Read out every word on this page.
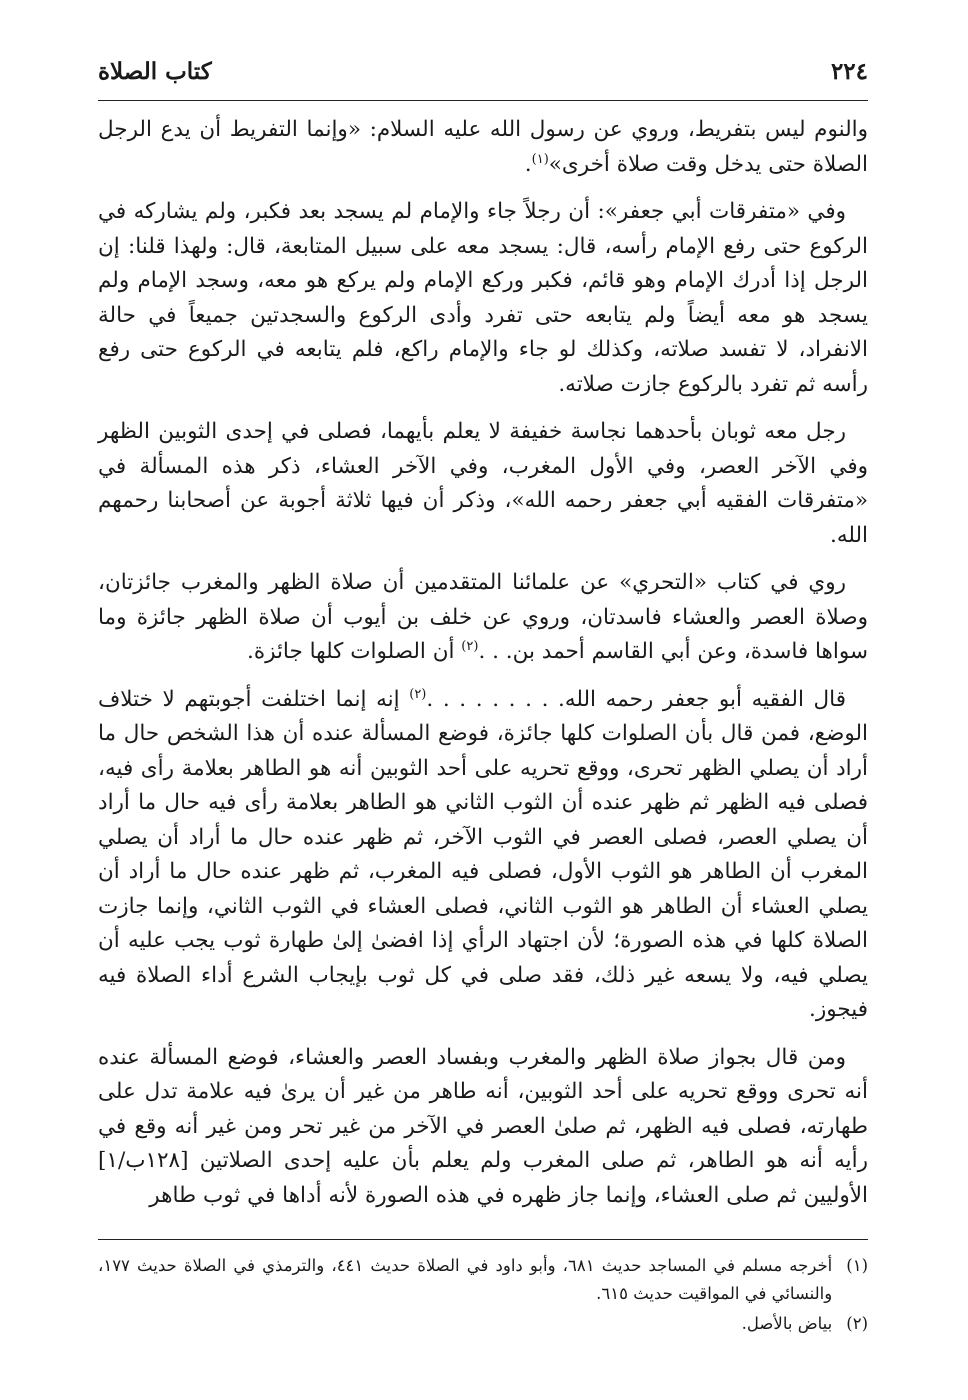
٢٢٤
كتاب الصلاة

والنوم ليس بتفريط، وروي عن رسول الله عليه السلام: «وإنما التفريط أن يدع الرجل الصلاة حتى يدخل وقت صلاة أخرى»$^{(١)}$.

وفي «متفرقات أبي جعفر»: أن رجلاً جاء والإمام لم يسجد بعد فكبر، ولم يشاركه في الركوع حتى رفع الإمام رأسه، قال: يسجد معه على سبيل المتابعة، قال: ولهذا قلنا: إن الرجل إذا أدرك الإمام وهو قائم، فكبر وركع الإمام ولم يركع هو معه، وسجد الإمام ولم يسجد هو معه أيضاً ولم يتابعه حتى تفرد وأدى الركوع والسجدتين جميعاً في حالة الانفراد، لا تفسد صلاته، وكذلك لو جاء والإمام راكع، فلم يتابعه في الركوع حتى رفع رأسه ثم تفرد بالركوع جازت صلاته.

رجل معه ثوبان بأحدهما نجاسة خفيفة لا يعلم بأيهما، فصلى في إحدى الثوبين الظهر وفي الآخر العصر، وفي الأول المغرب، وفي الآخر العشاء، ذكر هذه المسألة في «متفرقات الفقيه أبي جعفر رحمه الله»، وذكر أن فيها ثلاثة أجوبة عن أصحابنا رحمهم الله.

روي في كتاب «التحري» عن علمائنا المتقدمين أن صلاة الظهر والمغرب جائزتان، وصلاة العصر والعشاء فاسدتان، وروي عن خلف بن أيوب أن صلاة الظهر جائزة وما سواها فاسدة، وعن أبي القاسم أحمد بن. . .$^{(٢)}$ أن الصلوات كلها جائزة.

قال الفقيه أبو جعفر رحمه الله. . . . . . . . .$^{(٢)}$ إنه إنما اختلفت أجوبتهم لا ختلاف الوضع، فمن قال بأن الصلوات كلها جائزة، فوضع المسألة عنده أن هذا الشخص حال ما أراد أن يصلي الظهر تحرى، ووقع تحريه على أحد الثوبين أنه هو الطاهر بعلامة رأى فيه، فصلى فيه الظهر ثم ظهر عنده أن الثوب الثاني هو الطاهر بعلامة رأى فيه حال ما أراد أن يصلي العصر، فصلى العصر في الثوب الآخر، ثم ظهر عنده حال ما أراد أن يصلي المغرب أن الطاهر هو الثوب الأول، فصلى فيه المغرب، ثم ظهر عنده حال ما أراد أن يصلي العشاء أن الطاهر هو الثوب الثاني، فصلى العشاء في الثوب الثاني، وإنما جازت الصلاة كلها في هذه الصورة؛ لأن اجتهاد الرأي إذا افضىٰ إلىٰ طهارة ثوب يجب عليه أن يصلي فيه، ولا يسعه غير ذلك، فقد صلى في كل ثوب بإيجاب الشرع أداء الصلاة فيه فيجوز.

ومن قال بجواز صلاة الظهر والمغرب وبفساد العصر والعشاء، فوضع المسألة عنده أنه تحرى ووقع تحريه على أحد الثوبين، أنه طاهر من غير أن يرىٰ فيه علامة تدل على طهارته، فصلى فيه الظهر، ثم صلىٰ العصر في الآخر من غير تحر ومن غير أنه وقع في رأيه أنه هو الطاهر، ثم صلى المغرب ولم يعلم بأن عليه إحدى الصلاتين [١٢٨ب/١] الأوليين ثم صلى العشاء، وإنما جاز ظهره في هذه الصورة لأنه أداها في ثوب طاهر

(١)
أخرجه مسلم في المساجد حديث ٦٨١، وأبو داود في الصلاة حديث ٤٤١، والترمذي في الصلاة حديث ١٧٧، والنسائي في المواقيت حديث ٦١٥.
(٢)
بياض بالأصل.
